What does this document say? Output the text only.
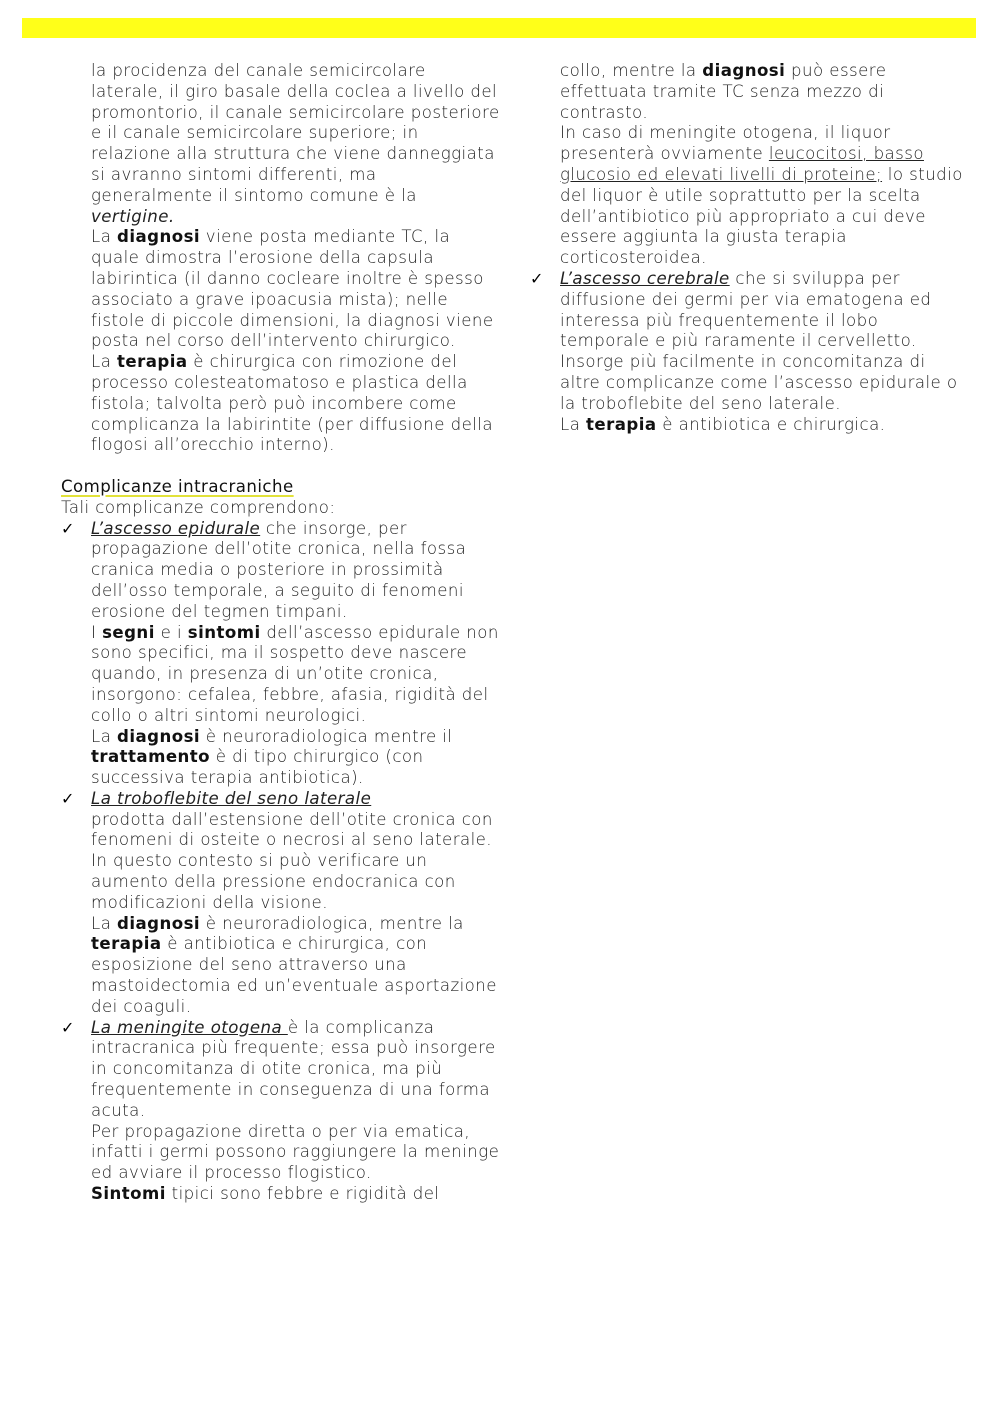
la procidenza del canale semicircolare laterale, il giro basale della coclea a livello del promontorio, il canale semicircolare posteriore e il canale semicircolare superiore; in relazione alla struttura che viene danneggiata si avranno sintomi differenti, ma generalmente il sintomo comune è la vertigine.

La diagnosi viene posta mediante TC, la quale dimostra l’erosione della capsula labirintica (il danno cocleare inoltre è spesso associato a grave ipoacusia mista); nelle fistole di piccole dimensioni, la diagnosi viene posta nel corso dell’intervento chirurgico.

La terapia è chirurgica con rimozione del processo colesteatomatoso e plastica della fistola; talvolta però può incombere come complicanza la labirintite (per diffusione della flogosi all’orecchio interno).

Complicanze intracraniche

Tali complicanze comprendono:

✓ L’ascesso epidurale che insorge, per propagazione dell’otite cronica, nella fossa cranica media o posteriore in prossimità dell’osso temporale, a seguito di fenomeni erosione del tegmen timpani.

I segni e i sintomi dell’ascesso epidurale non sono specifici, ma il sospetto deve nascere quando, in presenza di un’otite cronica, insorgono: cefalea, febbre, afasia, rigidità del collo o altri sintomi neurologici.

La diagnosi è neuroradiologica mentre il trattamento è di tipo chirurgico (con successiva terapia antibiotica).

✓ La troboflebite del seno laterale

prodotta dall’estensione dell’otite cronica con fenomeni di osteite o necrosi al seno laterale.

In questo contesto si può verificare un aumento della pressione endocranica con modificazioni della visione.

La diagnosi è neuroradiologica, mentre la terapia è antibiotica e chirurgica, con esposizione del seno attraverso una mastoidectomia ed un’eventuale asportazione dei coaguli.

✓ La meningite otogena è la complicanza intracranica più frequente; essa può insorgere in concomitanza di otite cronica, ma più frequentemente in conseguenza di una forma acuta.

Per propagazione diretta o per via ematica, infatti i germi possono raggiungere la meninge ed avviare il processo flogistico.

Sintomi tipici sono febbre e rigidità del

collo, mentre la diagnosi può essere effettuata tramite TC senza mezzo di contrasto.

In caso di meningite otogena, il liquor presenterà ovviamente leucocitosi, basso glucosio ed elevati livelli di proteine; lo studio del liquor è utile soprattutto per la scelta dell’antibiotico più appropriato a cui deve essere aggiunta la giusta terapia corticosteroidea.

✓ L’ascesso cerebrale che si sviluppa per diffusione dei germi per via ematogena ed interessa più frequentemente il lobo temporale e più raramente il cervelletto. Insorge più facilmente in concomitanza di altre complicanze come l’ascesso epidurale o la troboflebite del seno laterale.

La terapia è antibiotica e chirurgica.
